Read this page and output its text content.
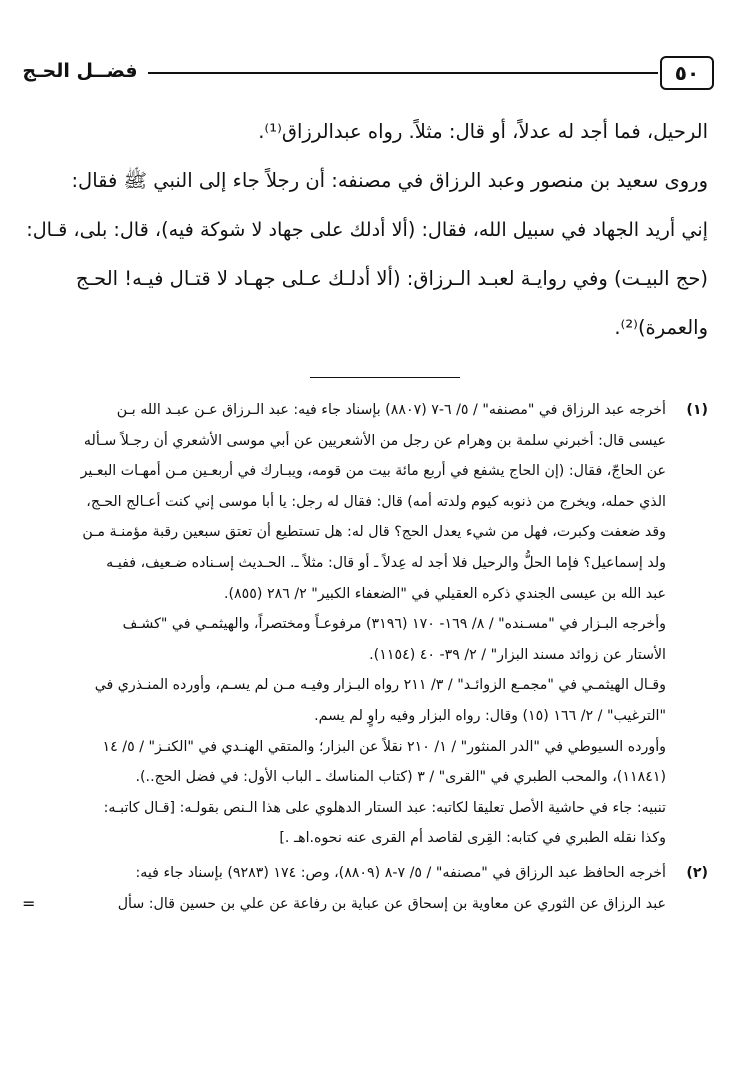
٥٠
فضــل الحـج

الرحيل، فما أجد له عدلاً، أو قال: مثلاً. رواه عبدالرزاق⁽¹⁾.

وروى سعيد بن منصور وعبد الرزاق في مصنفه: أن رجلاً جاء إلى النبي ﷺ فقال:

إني أريد الجهاد في سبيل الله، فقال: (ألا أدلك على جهاد لا شوكة فيه)، قال: بلى، قـال:

(حج البيـت) وفي روايـة لعبـد الـرزاق: (ألا أدلـك عـلى جهـاد لا قتـال فيـه! الحـج

والعمرة)⁽²⁾.

(١)

أخرجه عبد الرزاق في "مصنفه" / ٥/ ٦-٧ (٨٨٠٧) بإسناد جاء فيه: عبد الـرزاق عـن عبـد الله بـن

عيسى قال: أخبرني سلمة بن وهرام عن رجل من الأشعريين عن أبي موسى الأشعري أن رجـلاً سـأله

عن الحاجّ، فقال: (إن الحاج يشفع في أربع مائة بيت من قومه، ويبـارك في أربعـين مـن أمهـات البعـير

الذي حمله، ويخرج من ذنوبه كيوم ولدته أمه) قال: فقال له رجل: يا أبا موسى إني كنت أعـالج الحـج،

وقد ضعفت وكبرت، فهل من شيء يعدل الحج؟ قال له: هل تستطيع أن تعتق سبعين رقبة مؤمنـة مـن

ولد إسماعيل؟ فإما الحلُّ والرحيل فلا أجد له عِدلاً ـ أو قال: مثلاً ـ. الحـديث إسـناده ضـعيف، ففيـه

عبد الله بن عيسى الجندي ذكره العقيلي في "الضعفاء الكبير" ٢/ ٢٨٦ (٨٥٥).

وأخرجه البـزار في "مسـنده" / ٨/ ١٦٩- ١٧٠ (٣١٩٦) مرفوعـاً ومختصراً، والهيثمـي في "كشـف

الأستار عن زوائد مسند البزار" / ٢/ ٣٩- ٤٠ (١١٥٤).

وقـال الهيثمـي في "مجمـع الزوائـد" / ٣/ ٢١١ رواه البـزار وفيـه مـن لم يسـم، وأورده المنـذري في

"الترغيب" / ٢/ ١٦٦ (١٥) وقال: رواه البزار وفيه راوٍ لم يسم.

وأورده السيوطي في "الدر المنثور" / ١/ ٢١٠ نقلاً عن البزار؛ والمتقي الهنـدي في "الكنـز" / ٥/ ١٤

(١١٨٤١)، والمحب الطبري في "القرى" / ٣ (كتاب المناسك ـ الباب الأول: في فضل الحج..).

تنبيه: جاء في حاشية الأصل تعليقا لكاتبه: عبد الستار الدهلوي على هذا الـنص بقولـه: [قـال كاتبـه:

وكذا نقله الطبري في كتابه: القِرى لقاصد أم القرى عنه نحوه.اهـ .]

(٢)

أخرجه الحافظ عبد الرزاق في "مصنفه" / ٥/ ٧-٨ (٨٨٠٩)، وص: ١٧٤ (٩٢٨٣) بإسناد جاء فيه:

عبد الرزاق عن الثوري عن معاوية بن إسحاق عن عباية بن رفاعة عن علي بن حسين قال: سأل

=
